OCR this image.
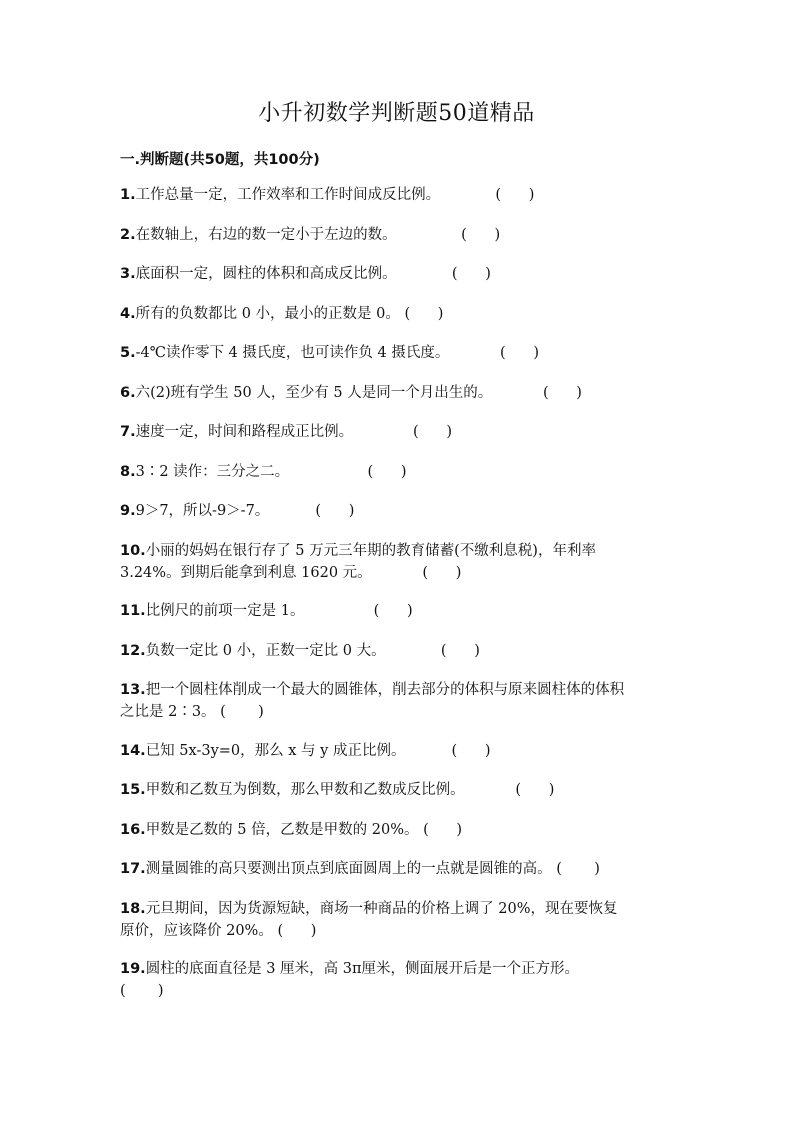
小升初数学判断题50道精品
一.判断题(共50题，共100分)
1.工作总量一定，工作效率和工作时间成反比例。            (      )
2.在数轴上，右边的数一定小于左边的数。              (      )
3.底面积一定，圆柱的体积和高成反比例。            (      )
4.所有的负数都比 0 小，最小的正数是 0。 (      )
5.-4℃读作零下 4 摄氏度，也可读作负 4 摄氏度。           (      )
6.六(2)班有学生 50 人，至少有 5 人是同一个月出生的。           (      )
7.速度一定，时间和路程成正比例。             (      )
8.3∶2 读作：三分之二。                 (      )
9.9＞7，所以-9＞-7。          (      )
10.小丽的妈妈在银行存了 5 万元三年期的教育储蓄(不缴利息税)，年利率
3.24%。到期后能拿到利息 1620 元。           (      )
11.比例尺的前项一定是 1。               (      )
12.负数一定比 0 小，正数一定比 0 大。            (      )
13.把一个圆柱体削成一个最大的圆锥体，削去部分的体积与原来圆柱体的体积
之比是 2∶3。 (       )
14.已知 5x-3y=0，那么 x 与 y 成正比例。          (      )
15.甲数和乙数互为倒数，那么甲数和乙数成反比例。           (      )
16.甲数是乙数的 5 倍，乙数是甲数的 20%。 (      )
17.测量圆锥的高只要测出顶点到底面圆周上的一点就是圆锥的高。 (       )
18.元旦期间，因为货源短缺，商场一种商品的价格上调了 20%，现在要恢复
原价，应该降价 20%。 (      )
19.圆柱的底面直径是 3 厘米，高 3π厘米，侧面展开后是一个正方形。
(       )
